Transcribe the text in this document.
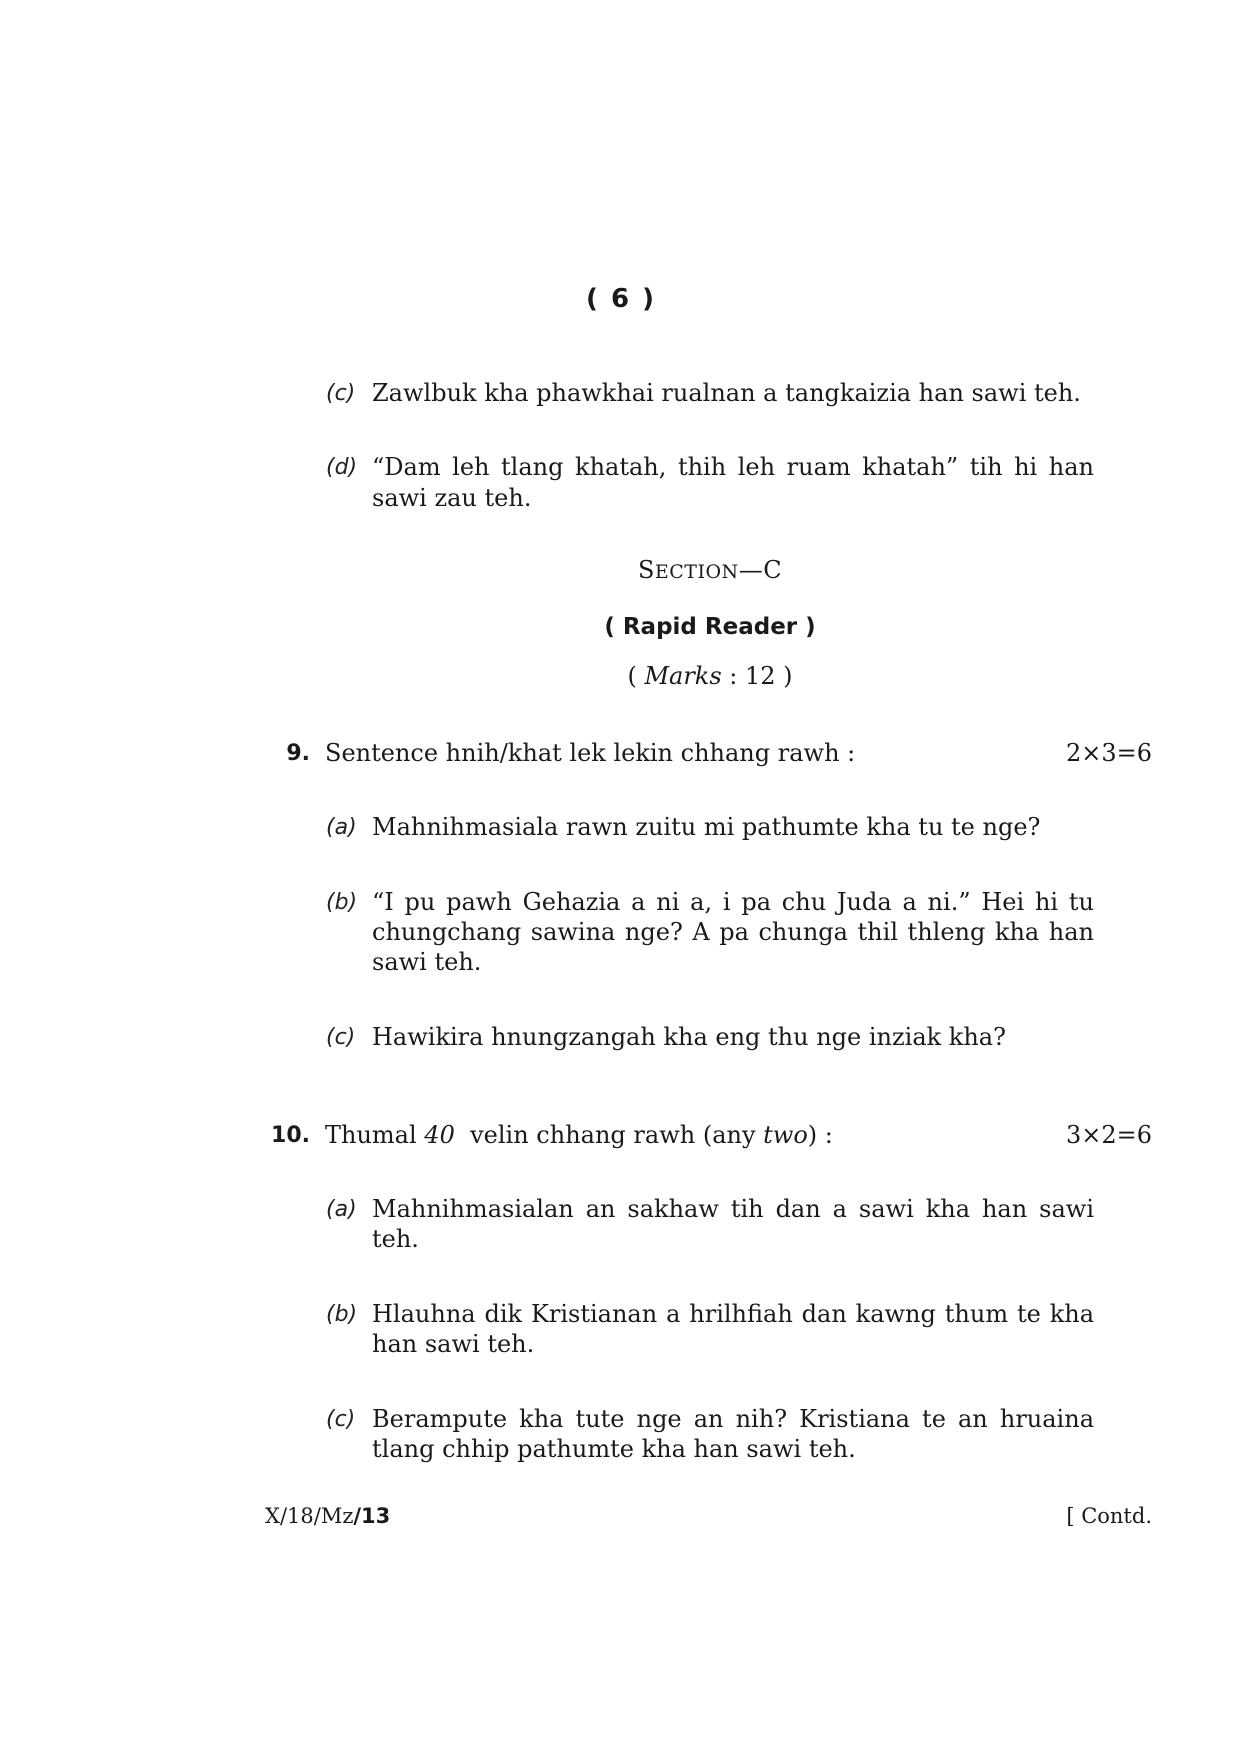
( 6 )
(c) Zawlbuk kha phawkhai rualnan a tangkaizia han sawi teh.
(d) “Dam leh tlang khatah, thih leh ruam khatah” tih hi han
sawi zau teh.
SECTION—C
( Rapid Reader )
( Marks : 12 )
9. Sentence hnih/khat lek lekin chhang rawh :	2×3=6
(a) Mahnihmasiala rawn zuitu mi pathumte kha tu te nge?
(b) “I pu pawh Gehazia a ni a, i pa chu Juda a ni.” Hei hi tu
chungchang sawina nge? A pa chunga thil thleng kha han
sawi teh.
(c) Hawikira hnungzangah kha eng thu nge inziak kha?
10. Thumal 40  velin chhang rawh (any two) :	3×2=6
(a) Mahnihmasialan an sakhaw tih dan a sawi kha han sawi
teh.
(b) Hlauhna dik Kristianan a hrilhfiah dan kawng thum te kha
han sawi teh.
(c) Berampute kha tute nge an nih? Kristiana te an hruaina
tlang chhip pathumte kha han sawi teh.
X/18/Mz/13	[ Contd.
